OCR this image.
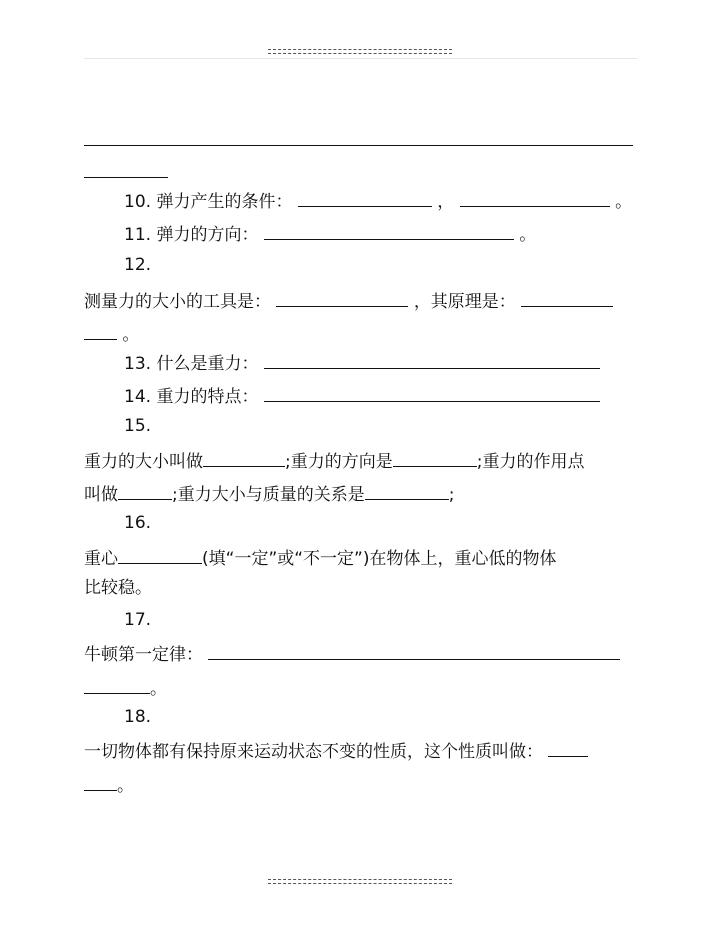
10. 弹力产生的条件：	，	。
11. 弹力的方向：	。
12.
测量力的大小的工具是：	，其原理是：
。
13. 什么是重力：
14. 重力的特点：
15.
重力的大小叫做	;重力的方向是	;重力的作用点
叫做	;重力大小与质量的关系是	;
16.
重心	(填“一定”或“不一定”)在物体上，重心低的物体
比较稳。
17.
牛顿第一定律：
。
18.
一切物体都有保持原来运动状态不变的性质，这个性质叫做：
。
